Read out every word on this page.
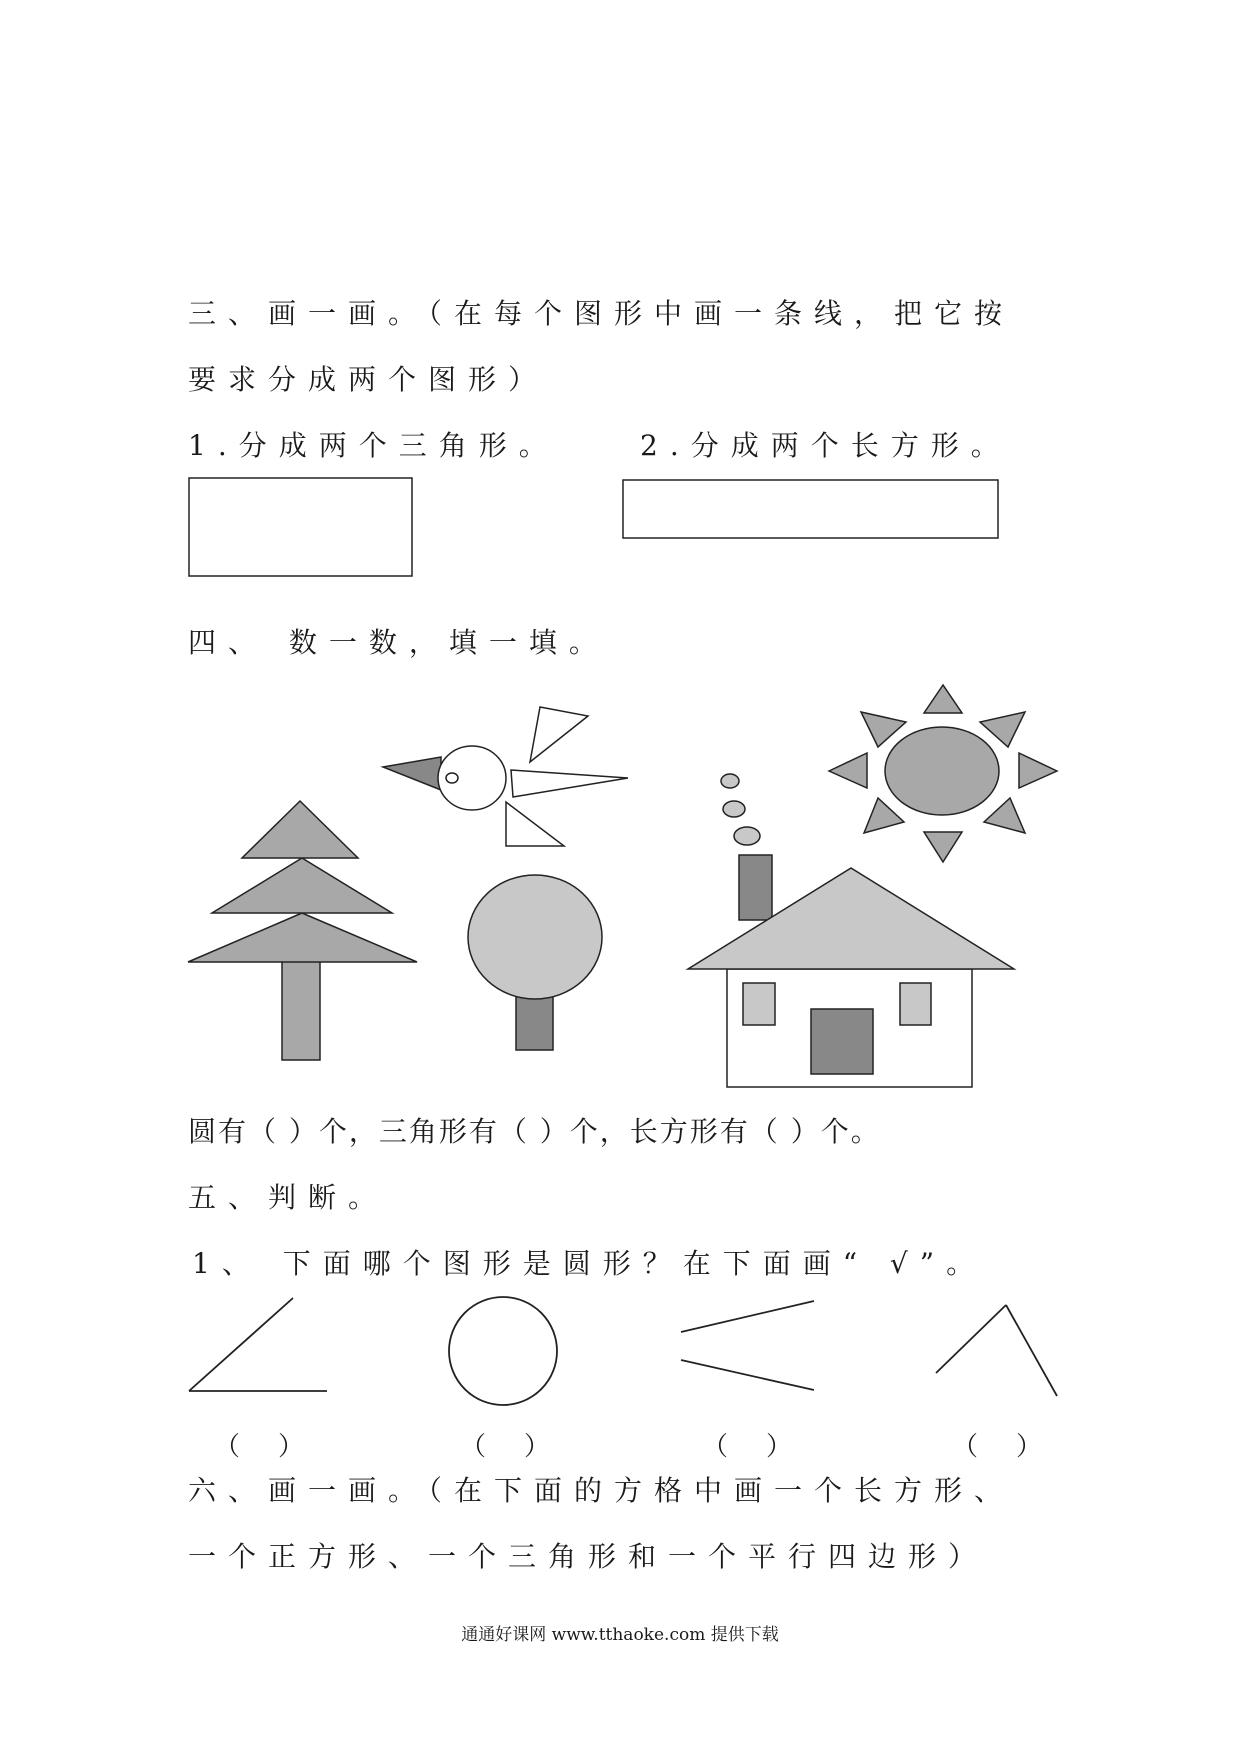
三、画一画。（在每个图形中画一条线，把它按
要求分成两个图形）
1.分成两个三角形。	2.分成两个长方形。
四、 数一数，填一填。
圆有（ ）个，三角形有（ ）个，长方形有（ ）个。
五、判断。
1、 下面哪个图形是圆形？在下面画“ √”。
（　）	（　）	（　）	（　）
六、画一画。（在下面的方格中画一个长方形、
一个正方形、一个三角形和一个平行四边形）
通通好课网 www.tthaoke.com 提供下载
